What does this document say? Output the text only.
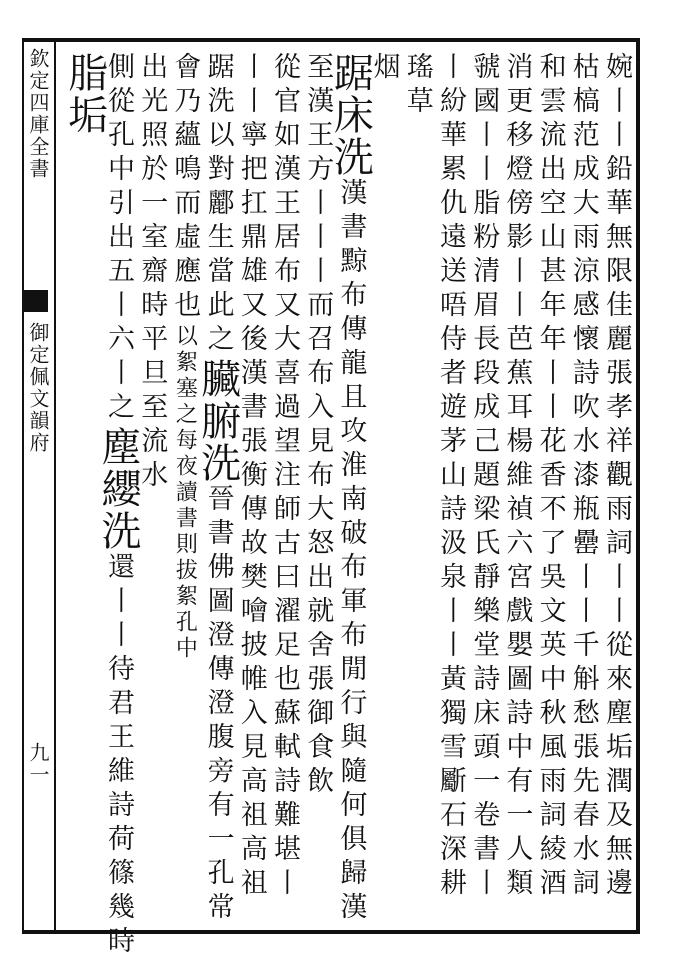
欽定四庫全書
御定佩文韻府
九一	婉丨丨鉛華無限佳麗張孝祥觀雨詞丨丨從來塵垢潤及無邊
枯槁范成大雨涼感懷詩吹水漆瓶罍丨丨千斛愁張先春水詞
和雲流出空山甚年年丨丨花香不了吳文英中秋風雨詞綾酒
消更移燈傍影丨丨芭蕉耳楊維禎六宮戲嬰圖詩中有一人類
虢國丨丨脂粉清眉長段成己題梁氏靜樂堂詩床頭一卷書丨
丨紛華累仇遠送唔侍者遊茅山詩汲泉丨丨黃獨雪斸石深耕
瑤草
烟
踞床洗漢書黥布傳龍且攻淮南破布軍布閒行與隨何俱歸漢
至漢王方丨丨丨而召布入見布大怒出就舍張御食飲
從官如漢王居布又大喜過望注師古曰濯足也蘇軾詩難堪丨
丨丨寧把扛鼎雄又後漢書張衡傳故樊噲披帷入見高祖高祖
踞洗以對酈生當此之臟腑洗晉書佛圖澄傳澄腹旁有一孔常
會乃蘊鳴而虛應也以絮塞之每夜讀書則拔絮孔中
出光照於一室齋時平旦至流水
側從孔中引出五丨六丨之塵纓洗還丨丨待君王維詩荷篠幾時
脂垢
